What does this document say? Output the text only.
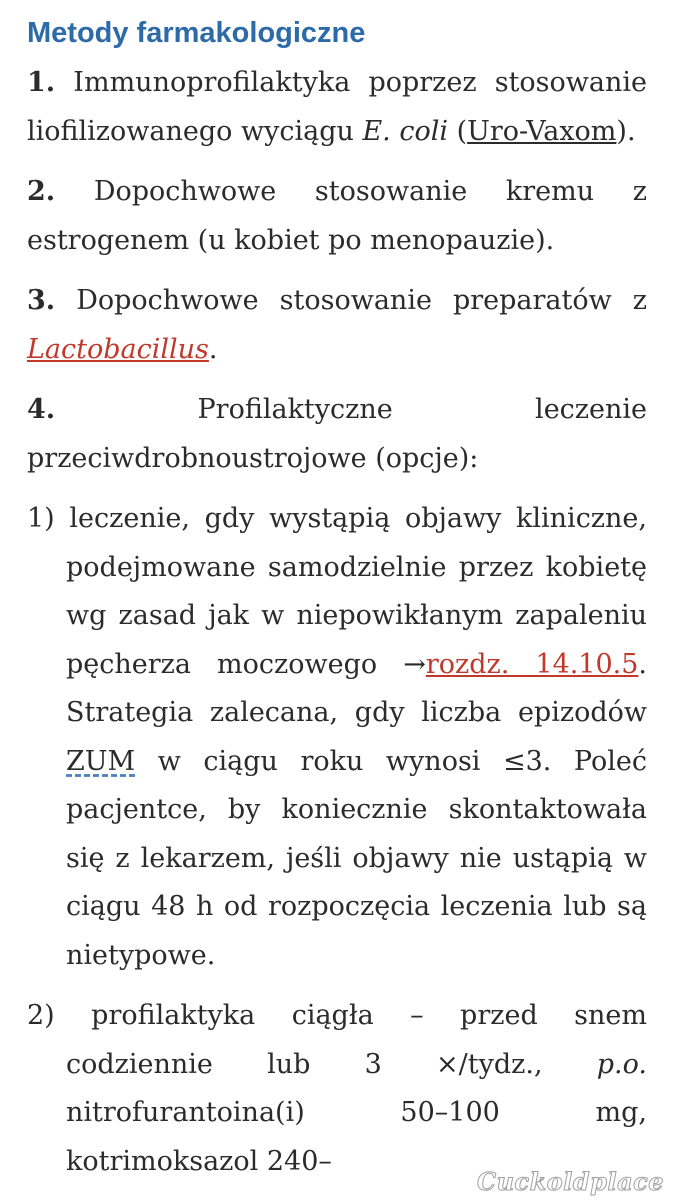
Metody farmakologiczne

1. Immunoprofilaktyka poprzez stosowanie liofilizowanego wyciągu E. coli (Uro-Vaxom).

2. Dopochwowe stosowanie kremu z estrogenem (u kobiet po menopauzie).

3. Dopochwowe stosowanie preparatów z Lactobacillus.

4. Profilaktyczne leczenie przeciwdrobnoustrojowe (opcje):

1) leczenie, gdy wystąpią objawy kliniczne, podejmowane samodzielnie przez kobietę wg zasad jak w niepowikłanym zapaleniu pęcherza moczowego →rozdz. 14.10.5. Strategia zalecana, gdy liczba epizodów ZUM w ciągu roku wynosi ≤3. Poleć pacjentce, by koniecznie skontaktowała się z lekarzem, jeśli objawy nie ustąpią w ciągu 48 h od rozpoczęcia leczenia lub są nietypowe.

2) profilaktyka ciągła – przed snem codziennie lub 3 ×/tydz., p.o. nitrofurantoina(i) 50–100 mg, kotrimoksazol 240–

Cuckoldplace
